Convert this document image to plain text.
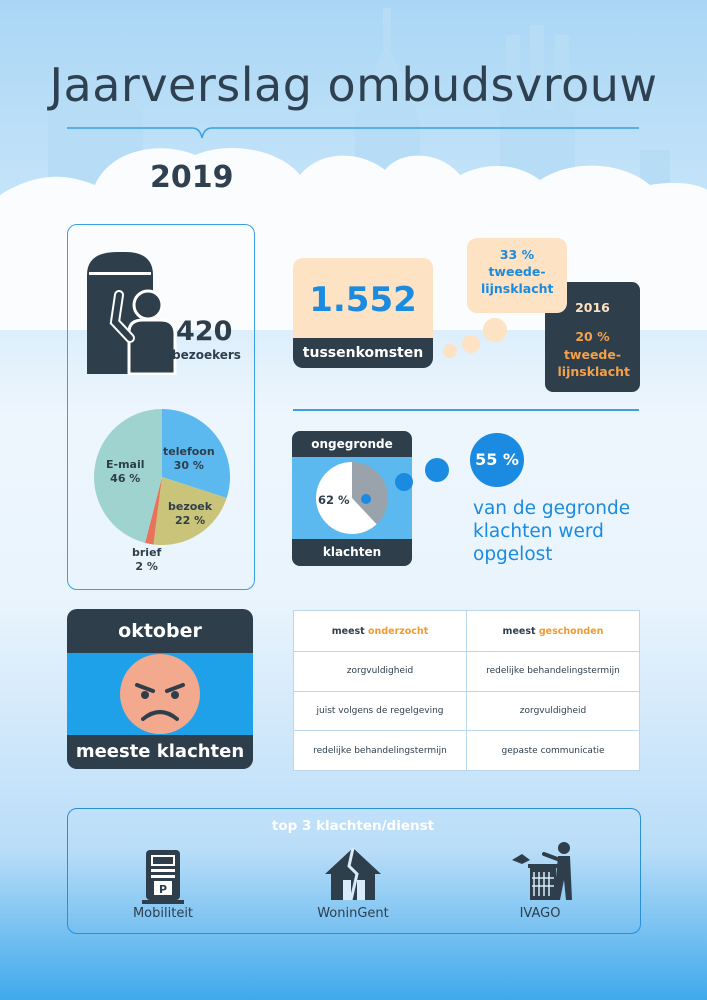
Jaarverslag ombudsvrouw
2019
420
bezoekers
telefoon
30 %
bezoek
22 %
brief
2 %
E-mail
46 %
1.552
tussenkomsten
2016
20 %
tweede-lijnsklacht
33 %
tweede-lijnsklacht
ongegronde
62 %
klachten
55 %
van de gegronde klachten werd opgelost
oktober
meeste klachten
meest onderzocht	meest geschonden
zorgvuldigheid	redelijke behandelingstermijn
juist volgens de regelgeving	zorgvuldigheid
redelijke behandelingstermijn	gepaste communicatie
top 3 klachten/dienst
P
Mobiliteit	WoninGent	IVAGO
